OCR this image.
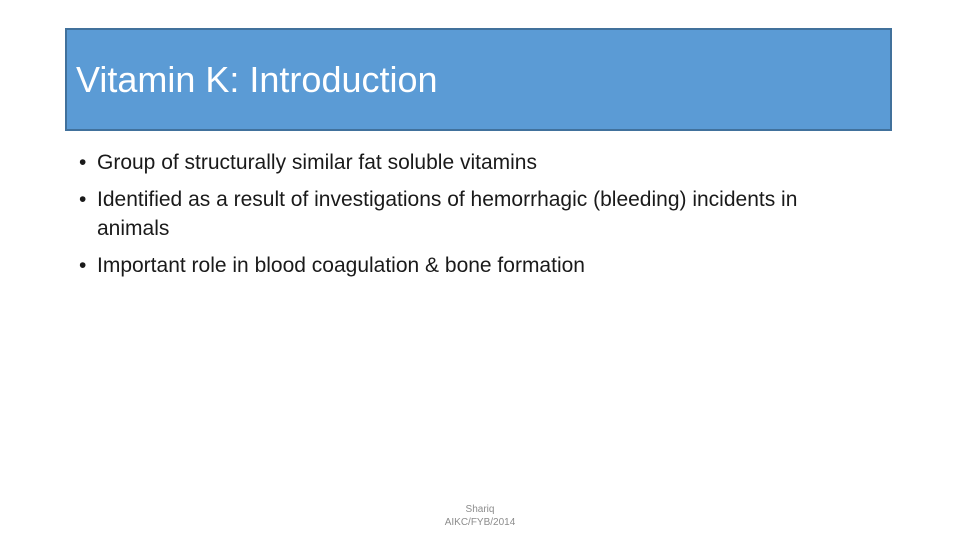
Vitamin K: Introduction
• Group of structurally similar fat soluble vitamins
• Identified as a result of investigations of hemorrhagic (bleeding) incidents in animals
• Important role in blood coagulation & bone formation
Shariq
AIKC/FYB/2014
